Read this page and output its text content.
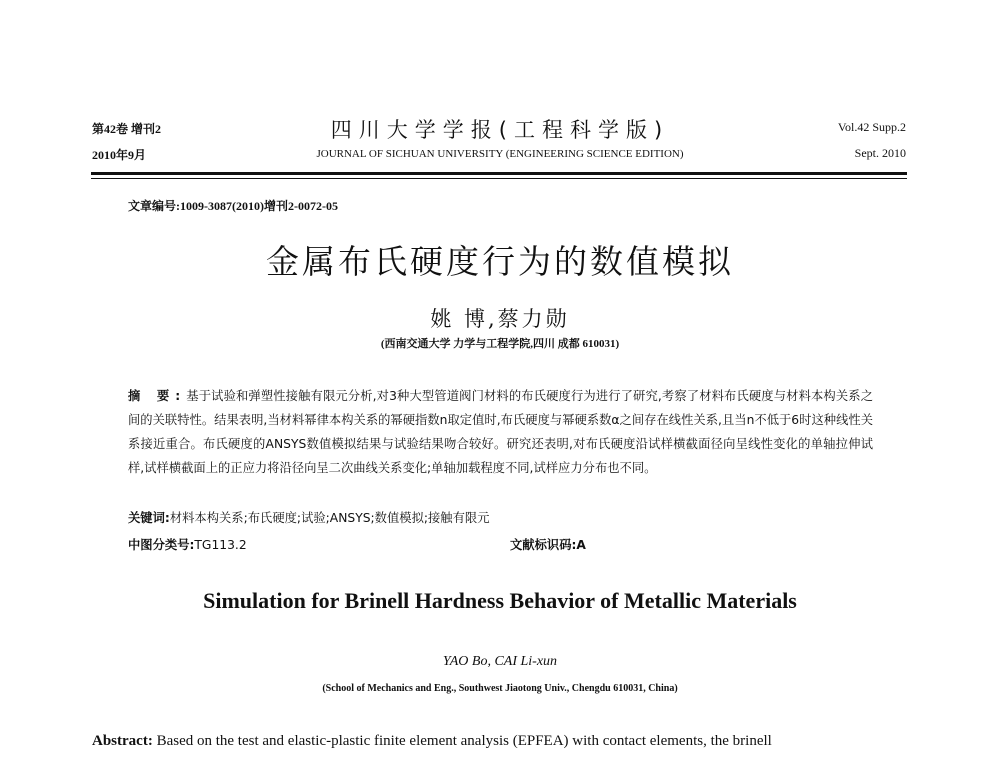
第42卷 增刊2
2010年9月
四川大学学报(工程科学版)
JOURNAL OF SICHUAN UNIVERSITY (ENGINEERING SCIENCE EDITION)
Vol.42 Supp.2
Sept. 2010
文章编号:1009-3087(2010)增刊2-0072-05
金属布氏硬度行为的数值模拟
姚 博,蔡力勋
(西南交通大学 力学与工程学院,四川 成都 610031)
摘 要:基于试验和弹塑性接触有限元分析,对3种大型管道阀门材料的布氏硬度行为进行了研究,考察了材料布氏硬度与材料本构关系之间的关联特性。结果表明,当材料幂律本构关系的幂硬指数n取定值时,布氏硬度与幂硬系数α之间存在线性关系,且当n不低于6时这种线性关系接近重合。布氏硬度的ANSYS数值模拟结果与试验结果吻合较好。研究还表明,对布氏硬度沿试样横截面径向呈线性变化的单轴拉伸试样,试样横截面上的正应力将沿径向呈二次曲线关系变化;单轴加载程度不同,试样应力分布也不同。
关键词:材料本构关系;布氏硬度;试验;ANSYS;数值模拟;接触有限元
中图分类号:TG113.2	文献标识码:A
Simulation for Brinell Hardness Behavior of Metallic Materials
YAO Bo, CAI Li-xun
(School of Mechanics and Eng., Southwest Jiaotong Univ., Chengdu 610031, China)
Abstract: Based on the test and elastic-plastic finite element analysis (EPFEA) with contact elements, the brinell
